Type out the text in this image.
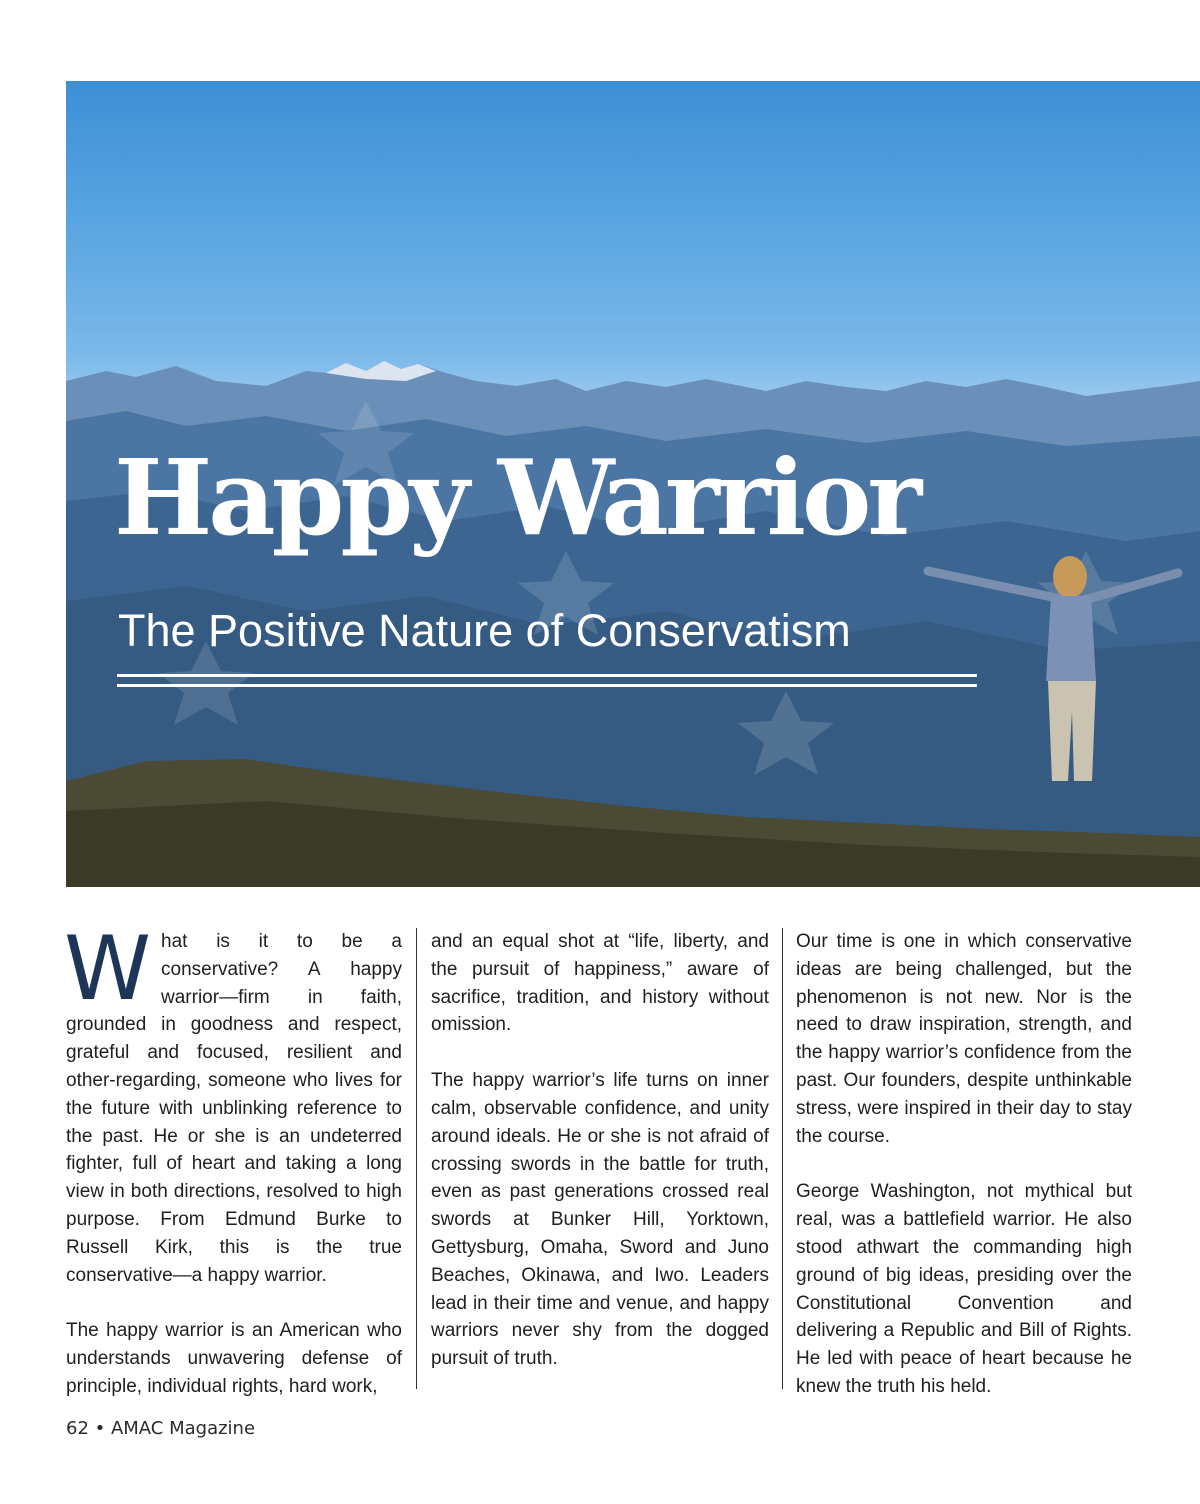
Happy Warrior
The Positive Nature of Conservatism

What is it to be a conservative? A happy warrior—firm in faith, grounded in goodness and respect, grateful and focused, resilient and other-regarding, someone who lives for the future with unblinking reference to the past. He or she is an undeterred fighter, full of heart and taking a long view in both directions, resolved to high purpose. From Edmund Burke to Russell Kirk, this is the true conservative—a happy warrior.

The happy warrior is an American who understands unwavering defense of principle, individual rights, hard work,

and an equal shot at “life, liberty, and the pursuit of happiness,” aware of sacrifice, tradition, and history without omission.

The happy warrior’s life turns on inner calm, observable confidence, and unity around ideals. He or she is not afraid of crossing swords in the battle for truth, even as past generations crossed real swords at Bunker Hill, Yorktown, Gettysburg, Omaha, Sword and Juno Beaches, Okinawa, and Iwo. Leaders lead in their time and venue, and happy warriors never shy from the dogged pursuit of truth.

Our time is one in which conservative ideas are being challenged, but the phenomenon is not new. Nor is the need to draw inspiration, strength, and the happy warrior’s confidence from the past. Our founders, despite unthinkable stress, were inspired in their day to stay the course.

George Washington, not mythical but real, was a battlefield warrior. He also stood athwart the commanding high ground of big ideas, presiding over the Constitutional Convention and delivering a Republic and Bill of Rights. He led with peace of heart because he knew the truth his held.

62 • AMAC Magazine
